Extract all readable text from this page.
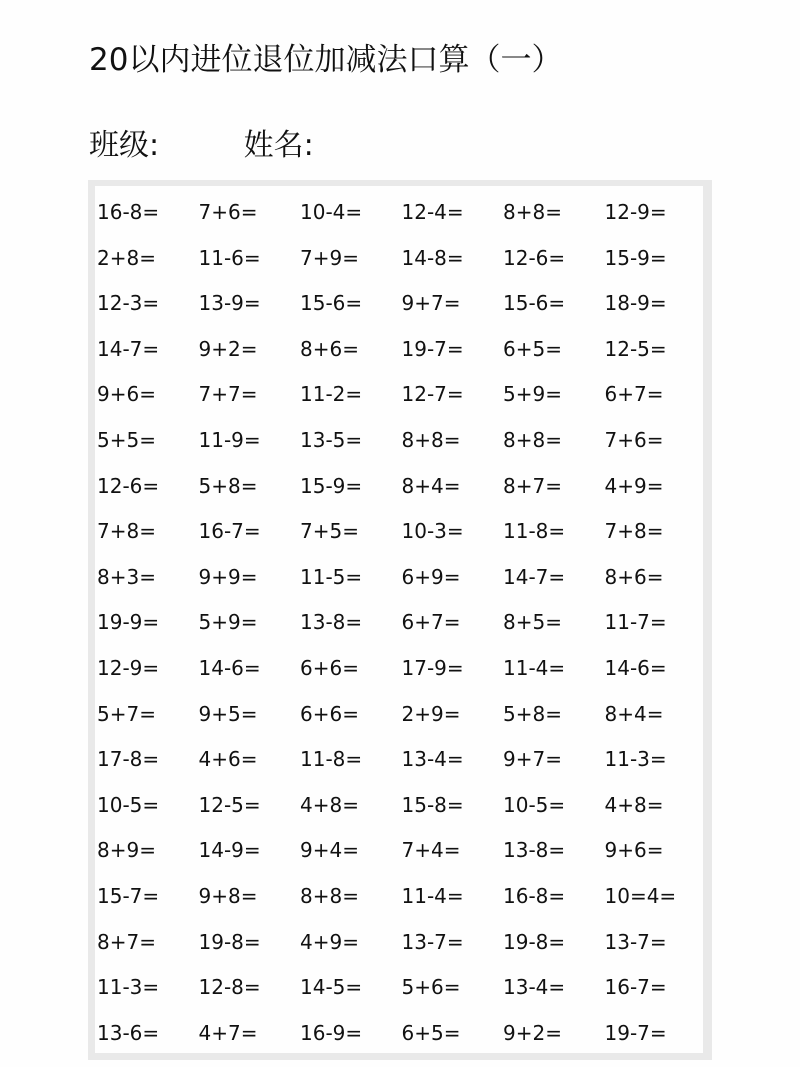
20以内进位退位加减法口算（一）
班级:	姓名:
16-8=	7+6=	10-4=	12-4=	8+8=	12-9=
2+8=	11-6=	7+9=	14-8=	12-6=	15-9=
12-3=	13-9=	15-6=	9+7=	15-6=	18-9=
14-7=	9+2=	8+6=	19-7=	6+5=	12-5=
9+6=	7+7=	11-2=	12-7=	5+9=	6+7=
5+5=	11-9=	13-5=	8+8=	8+8=	7+6=
12-6=	5+8=	15-9=	8+4=	8+7=	4+9=
7+8=	16-7=	7+5=	10-3=	11-8=	7+8=
8+3=	9+9=	11-5=	6+9=	14-7=	8+6=
19-9=	5+9=	13-8=	6+7=	8+5=	11-7=
12-9=	14-6=	6+6=	17-9=	11-4=	14-6=
5+7=	9+5=	6+6=	2+9=	5+8=	8+4=
17-8=	4+6=	11-8=	13-4=	9+7=	11-3=
10-5=	12-5=	4+8=	15-8=	10-5=	4+8=
8+9=	14-9=	9+4=	7+4=	13-8=	9+6=
15-7=	9+8=	8+8=	11-4=	16-8=	10=4=
8+7=	19-8=	4+9=	13-7=	19-8=	13-7=
11-3=	12-8=	14-5=	5+6=	13-4=	16-7=
13-6=	4+7=	16-9=	6+5=	9+2=	19-7=
